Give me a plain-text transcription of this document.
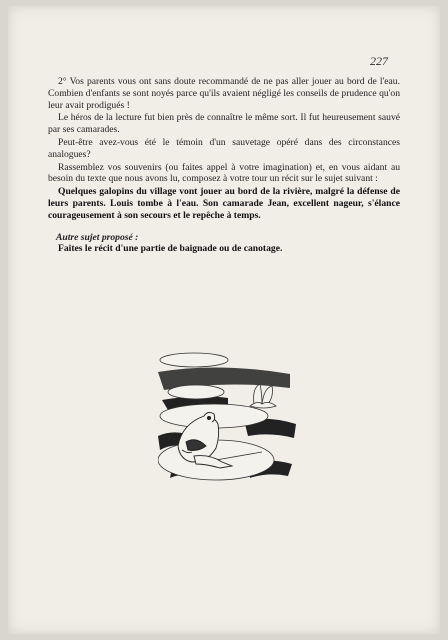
227

2° Vos parents vous ont sans doute recommandé de ne pas aller jouer au bord de l'eau. Combien d'enfants se sont noyés parce qu'ils avaient négligé les conseils de prudence qu'on leur avait prodigués !

Le héros de la lecture fut bien près de connaître le même sort. Il fut heureusement sauvé par ses camarades.

Peut-être avez-vous été le témoin d'un sauvetage opéré dans des circonstances analogues?

Rassemblez vos souvenirs (ou faites appel à votre imagination) et, en vous aidant au besoin du texte que nous avons lu, composez à votre tour un récit sur le sujet suivant :

Quelques galopins du village vont jouer au bord de la rivière, malgré la défense de leurs parents. Louis tombe à l'eau. Son camarade Jean, excellent nageur, s'élance courageusement à son secours et le repêche à temps.

Autre sujet proposé :

Faites le récit d'une partie de baignade ou de canotage.
